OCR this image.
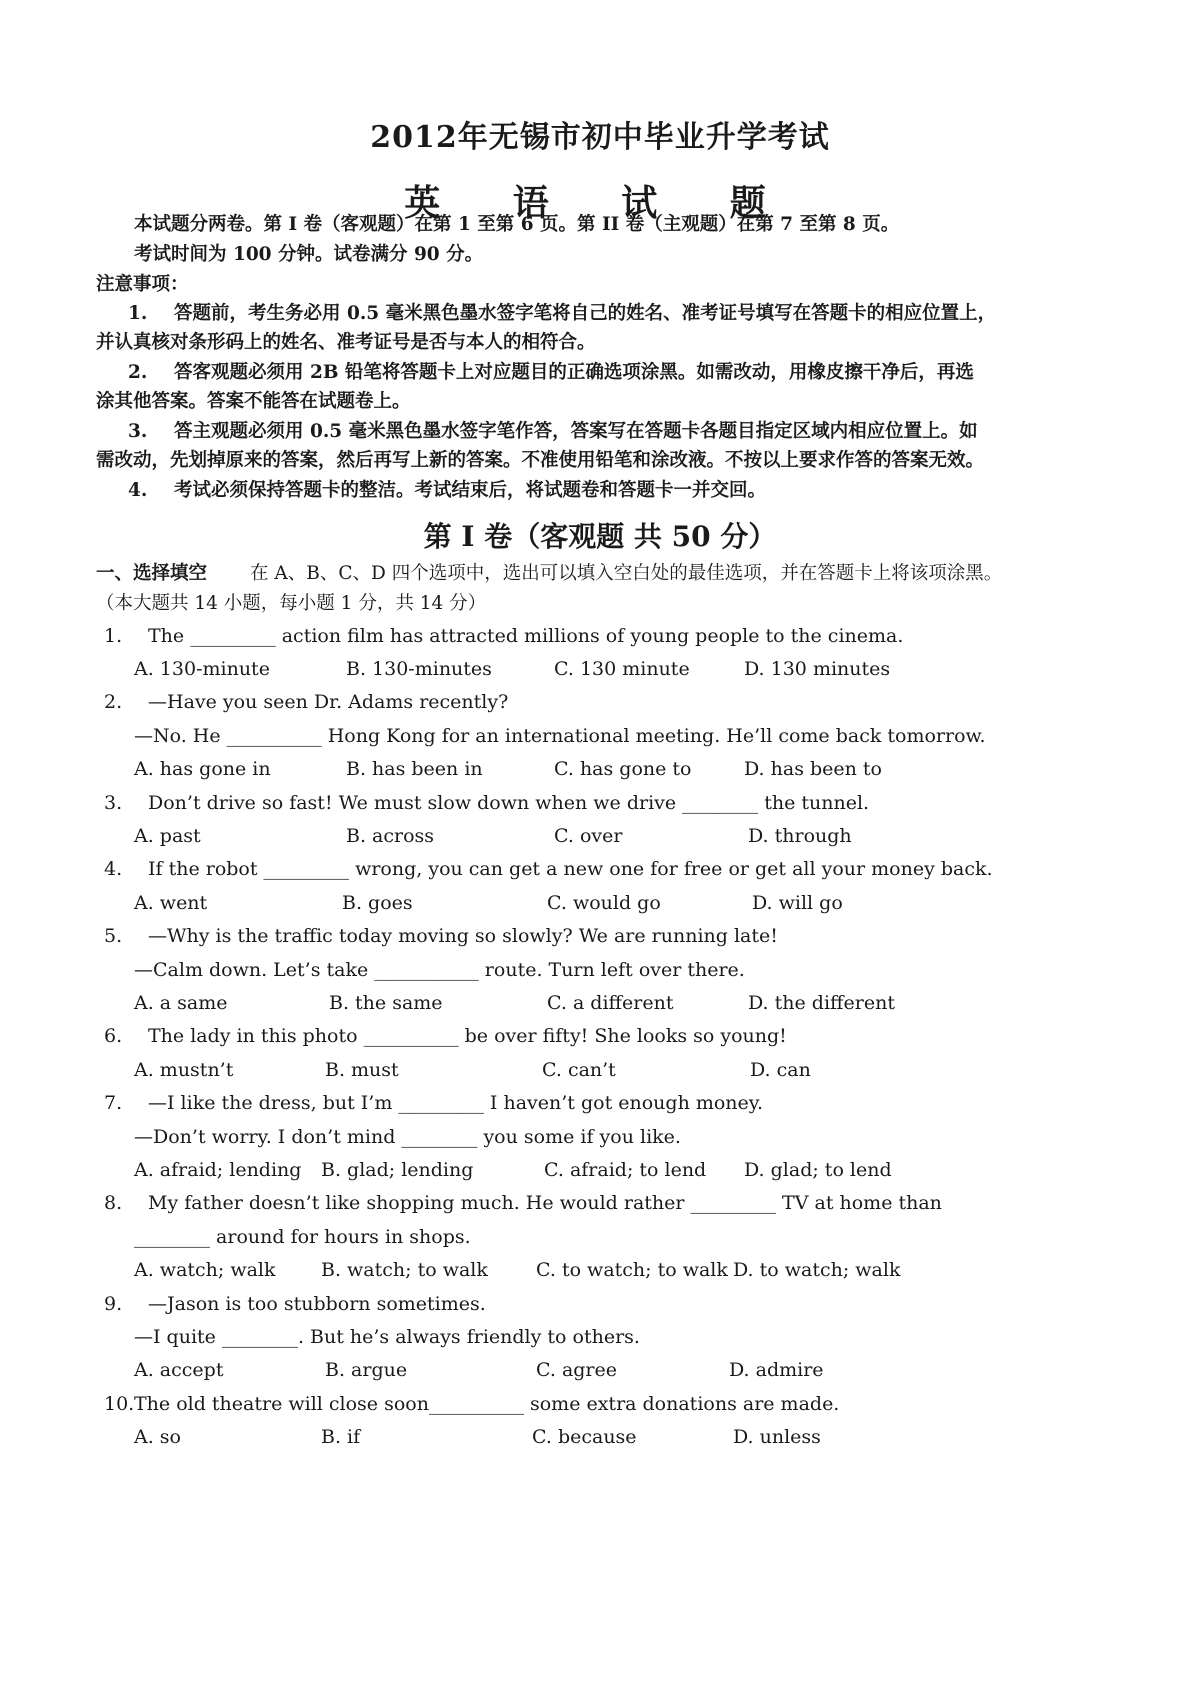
2012年无锡市初中毕业升学考试
英 语 试 题
本试题分两卷。第 I 卷（客观题）在第 1 至第 6 页。第 II 卷（主观题）在第 7 至第 8 页。
考试时间为 100 分钟。试卷满分 90 分。
注意事项：
1. 答题前，考生务必用 0.5 毫米黑色墨水签字笔将自己的姓名、准考证号填写在答题卡的相应位置上，
并认真核对条形码上的姓名、准考证号是否与本人的相符合。
2. 答客观题必须用 2B 铅笔将答题卡上对应题目的正确选项涂黑。如需改动，用橡皮擦干净后，再选
涂其他答案。答案不能答在试题卷上。
3. 答主观题必须用 0.5 毫米黑色墨水签字笔作答，答案写在答题卡各题目指定区域内相应位置上。如
需改动，先划掉原来的答案，然后再写上新的答案。不准使用铅笔和涂改液。不按以上要求作答的答案无效。
4. 考试必须保持答题卡的整洁。考试结束后，将试题卷和答题卡一并交回。
第 I 卷（客观题 共 50 分）
一、选择填空 在 A、B、C、D 四个选项中，选出可以填入空白处的最佳选项，并在答题卡上将该项涂黑。
（本大题共 14 小题，每小题 1 分，共 14 分）
1. The _________ action film has attracted millions of young people to the cinema.
A. 130-minute	B. 130-minutes	C. 130 minute	D. 130 minutes
2. —Have you seen Dr. Adams recently?
—No. He __________ Hong Kong for an international meeting. He’ll come back tomorrow.
A. has gone in	B. has been in	C. has gone to	D. has been to
3. Don’t drive so fast! We must slow down when we drive ________ the tunnel.
A. past	B. across	C. over	D. through
4. If the robot _________ wrong, you can get a new one for free or get all your money back.
A. went	B. goes	C. would go	D. will go
5. —Why is the traffic today moving so slowly? We are running late!
—Calm down. Let’s take ___________ route. Turn left over there.
A. a same	B. the same	C. a different	D. the different
6. The lady in this photo __________ be over fifty! She looks so young!
A. mustn’t	B. must	C. can’t	D. can
7. —I like the dress, but I’m _________ I haven’t got enough money.
—Don’t worry. I don’t mind ________ you some if you like.
A. afraid; lending B. glad; lending	C. afraid; to lend D. glad; to lend
8. My father doesn’t like shopping much. He would rather _________ TV at home than
________ around for hours in shops.
A. watch; walk B. watch; to walk	C. to watch; to walk D. to watch; walk
9. —Jason is too stubborn sometimes.
—I quite ________. But he’s always friendly to others.
A. accept	B. argue	C. agree	D. admire
10.The old theatre will close soon__________ some extra donations are made.
A. so	B. if	C. because	D. unless
